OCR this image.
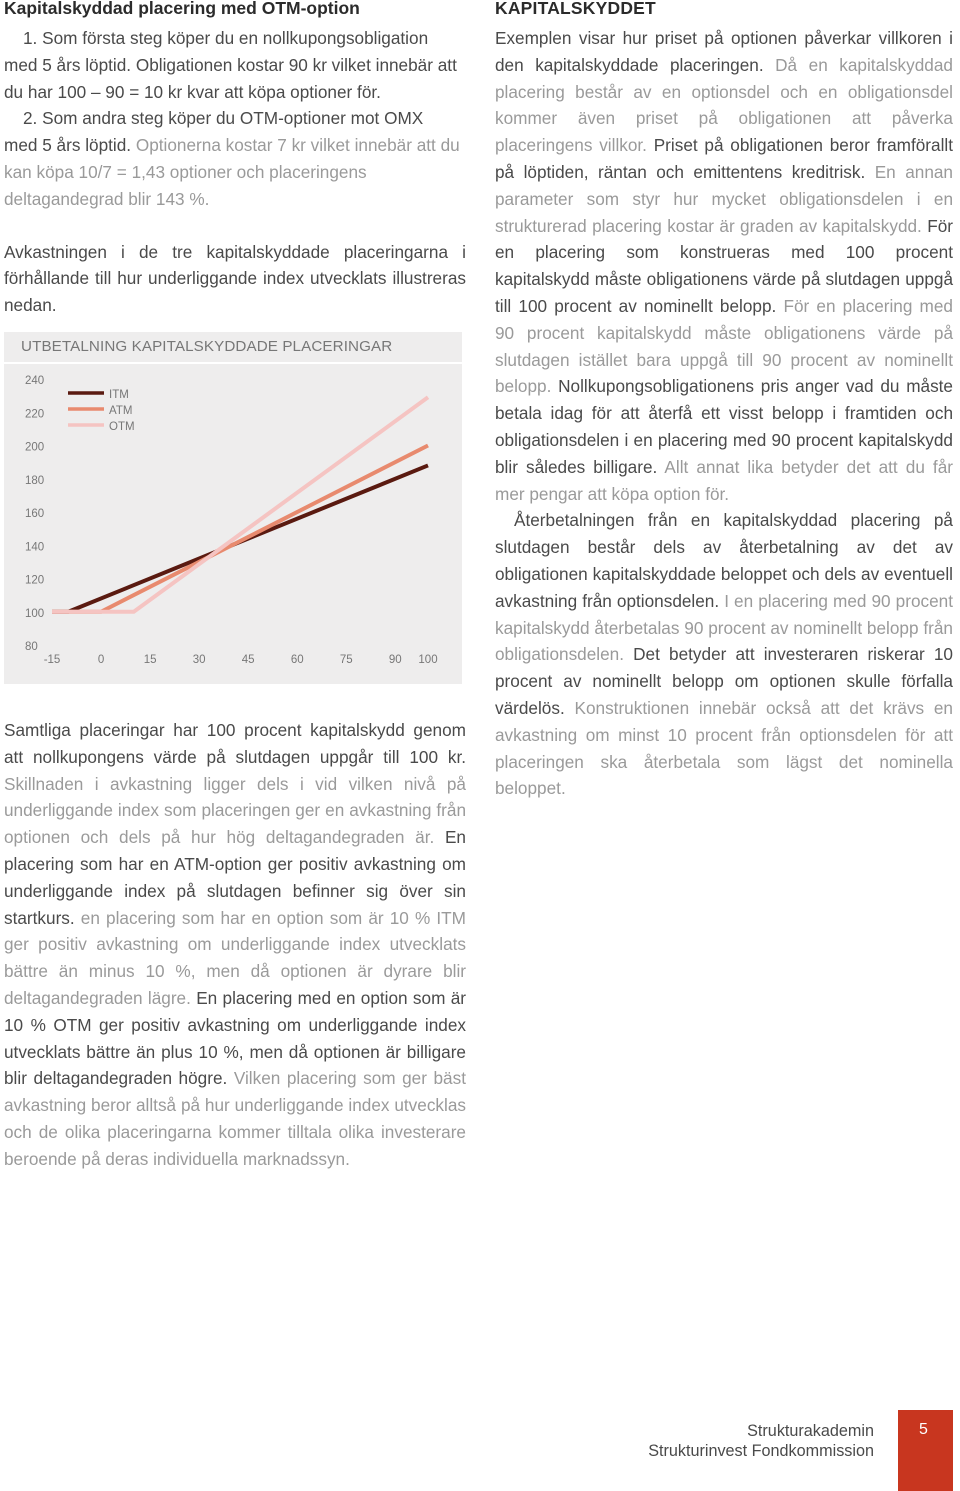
Kapitalskyddad placering med OTM-option

1. Som första steg köper du en nollkupongsobligation
med 5 års löptid. Obligationen kostar 90 kr vilket innebär att du har 100 – 90 = 10 kr kvar att köpa optioner för.

2. Som andra steg köper du OTM-optioner mot OMX
med 5 års löptid. Optionerna kostar 7 kr vilket innebär att du kan köpa 10/7 = 1,43 optioner och placeringens deltagandegrad blir 143 %.

Avkastningen i de tre kapitalskyddade placeringarna i förhållande till hur underliggande index utvecklats illustreras nedan.

UTBETALNING KAPITALSKYDDADE PLACERINGAR
80
100
120
140
160
180
200
220
240
-15	0	15	30	45	60	75	90 100
ITM
ATM
OTM

Samtliga placeringar har 100 procent kapitalskydd genom att nollkupongens värde på slutdagen uppgår till 100 kr. Skillnaden i avkastning ligger dels i vid vilken nivå på underliggande index som placeringen ger en avkastning från optionen och dels på hur hög deltagandegraden är. En placering som har en ATM-option ger positiv avkastning om underliggande index på slutdagen befinner sig över sin startkurs. en placering som har en option som är 10 % ITM ger positiv avkastning om underliggande index utvecklats bättre än minus 10 %, men då optionen är dyrare blir deltagandegraden lägre. En placering med en option som är 10 % OTM ger positiv avkastning om underliggande index utvecklats bättre än plus 10 %, men då optionen är billigare blir deltagandegraden högre. Vilken placering som ger bäst avkastning beror alltså på hur underliggande index utvecklas och de olika placeringarna kommer tilltala olika investerare beroende på deras individuella marknadssyn.

KAPITALSKYDDET

Exemplen visar hur priset på optionen påverkar villkoren i den kapitalskyddade placeringen. Då en kapitalskyddad placering består av en optionsdel och en obligationsdel kommer även priset på obligationen att påverka placeringens villkor. Priset på obligationen beror framförallt på löptiden, räntan och emittentens kreditrisk. En annan parameter som styr hur mycket obligationsdelen i en strukturerad placering kostar är graden av kapitalskydd. För en placering som konstrueras med 100 procent kapitalskydd måste obligationens värde på slutdagen uppgå till 100 procent av nominellt belopp. För en placering med 90 procent kapitalskydd måste obligationens värde på slutdagen istället bara uppgå till 90 procent av nominellt belopp. Nollkupongsobligationens pris anger vad du måste betala idag för att återfå ett visst belopp i framtiden och obligationsdelen i en placering med 90 procent kapitalskydd blir således billigare. Allt annat lika betyder det att du får mer pengar att köpa option för.

Återbetalningen från en kapitalskyddad placering på slutdagen består dels av återbetalning av det av obligationen kapitalskyddade beloppet och dels av eventuell avkastning från optionsdelen. I en placering med 90 procent kapitalskydd återbetalas 90 procent av nominellt belopp från obligationsdelen. Det betyder att investeraren riskerar 10 procent av nominellt belopp om optionen skulle förfalla värdelös. Konstruktionen innebär också att det krävs en avkastning om minst 10 procent från optionsdelen för att placeringen ska återbetala som lägst det nominella beloppet.

Strukturakademin
Strukturinvest Fondkommission
5
